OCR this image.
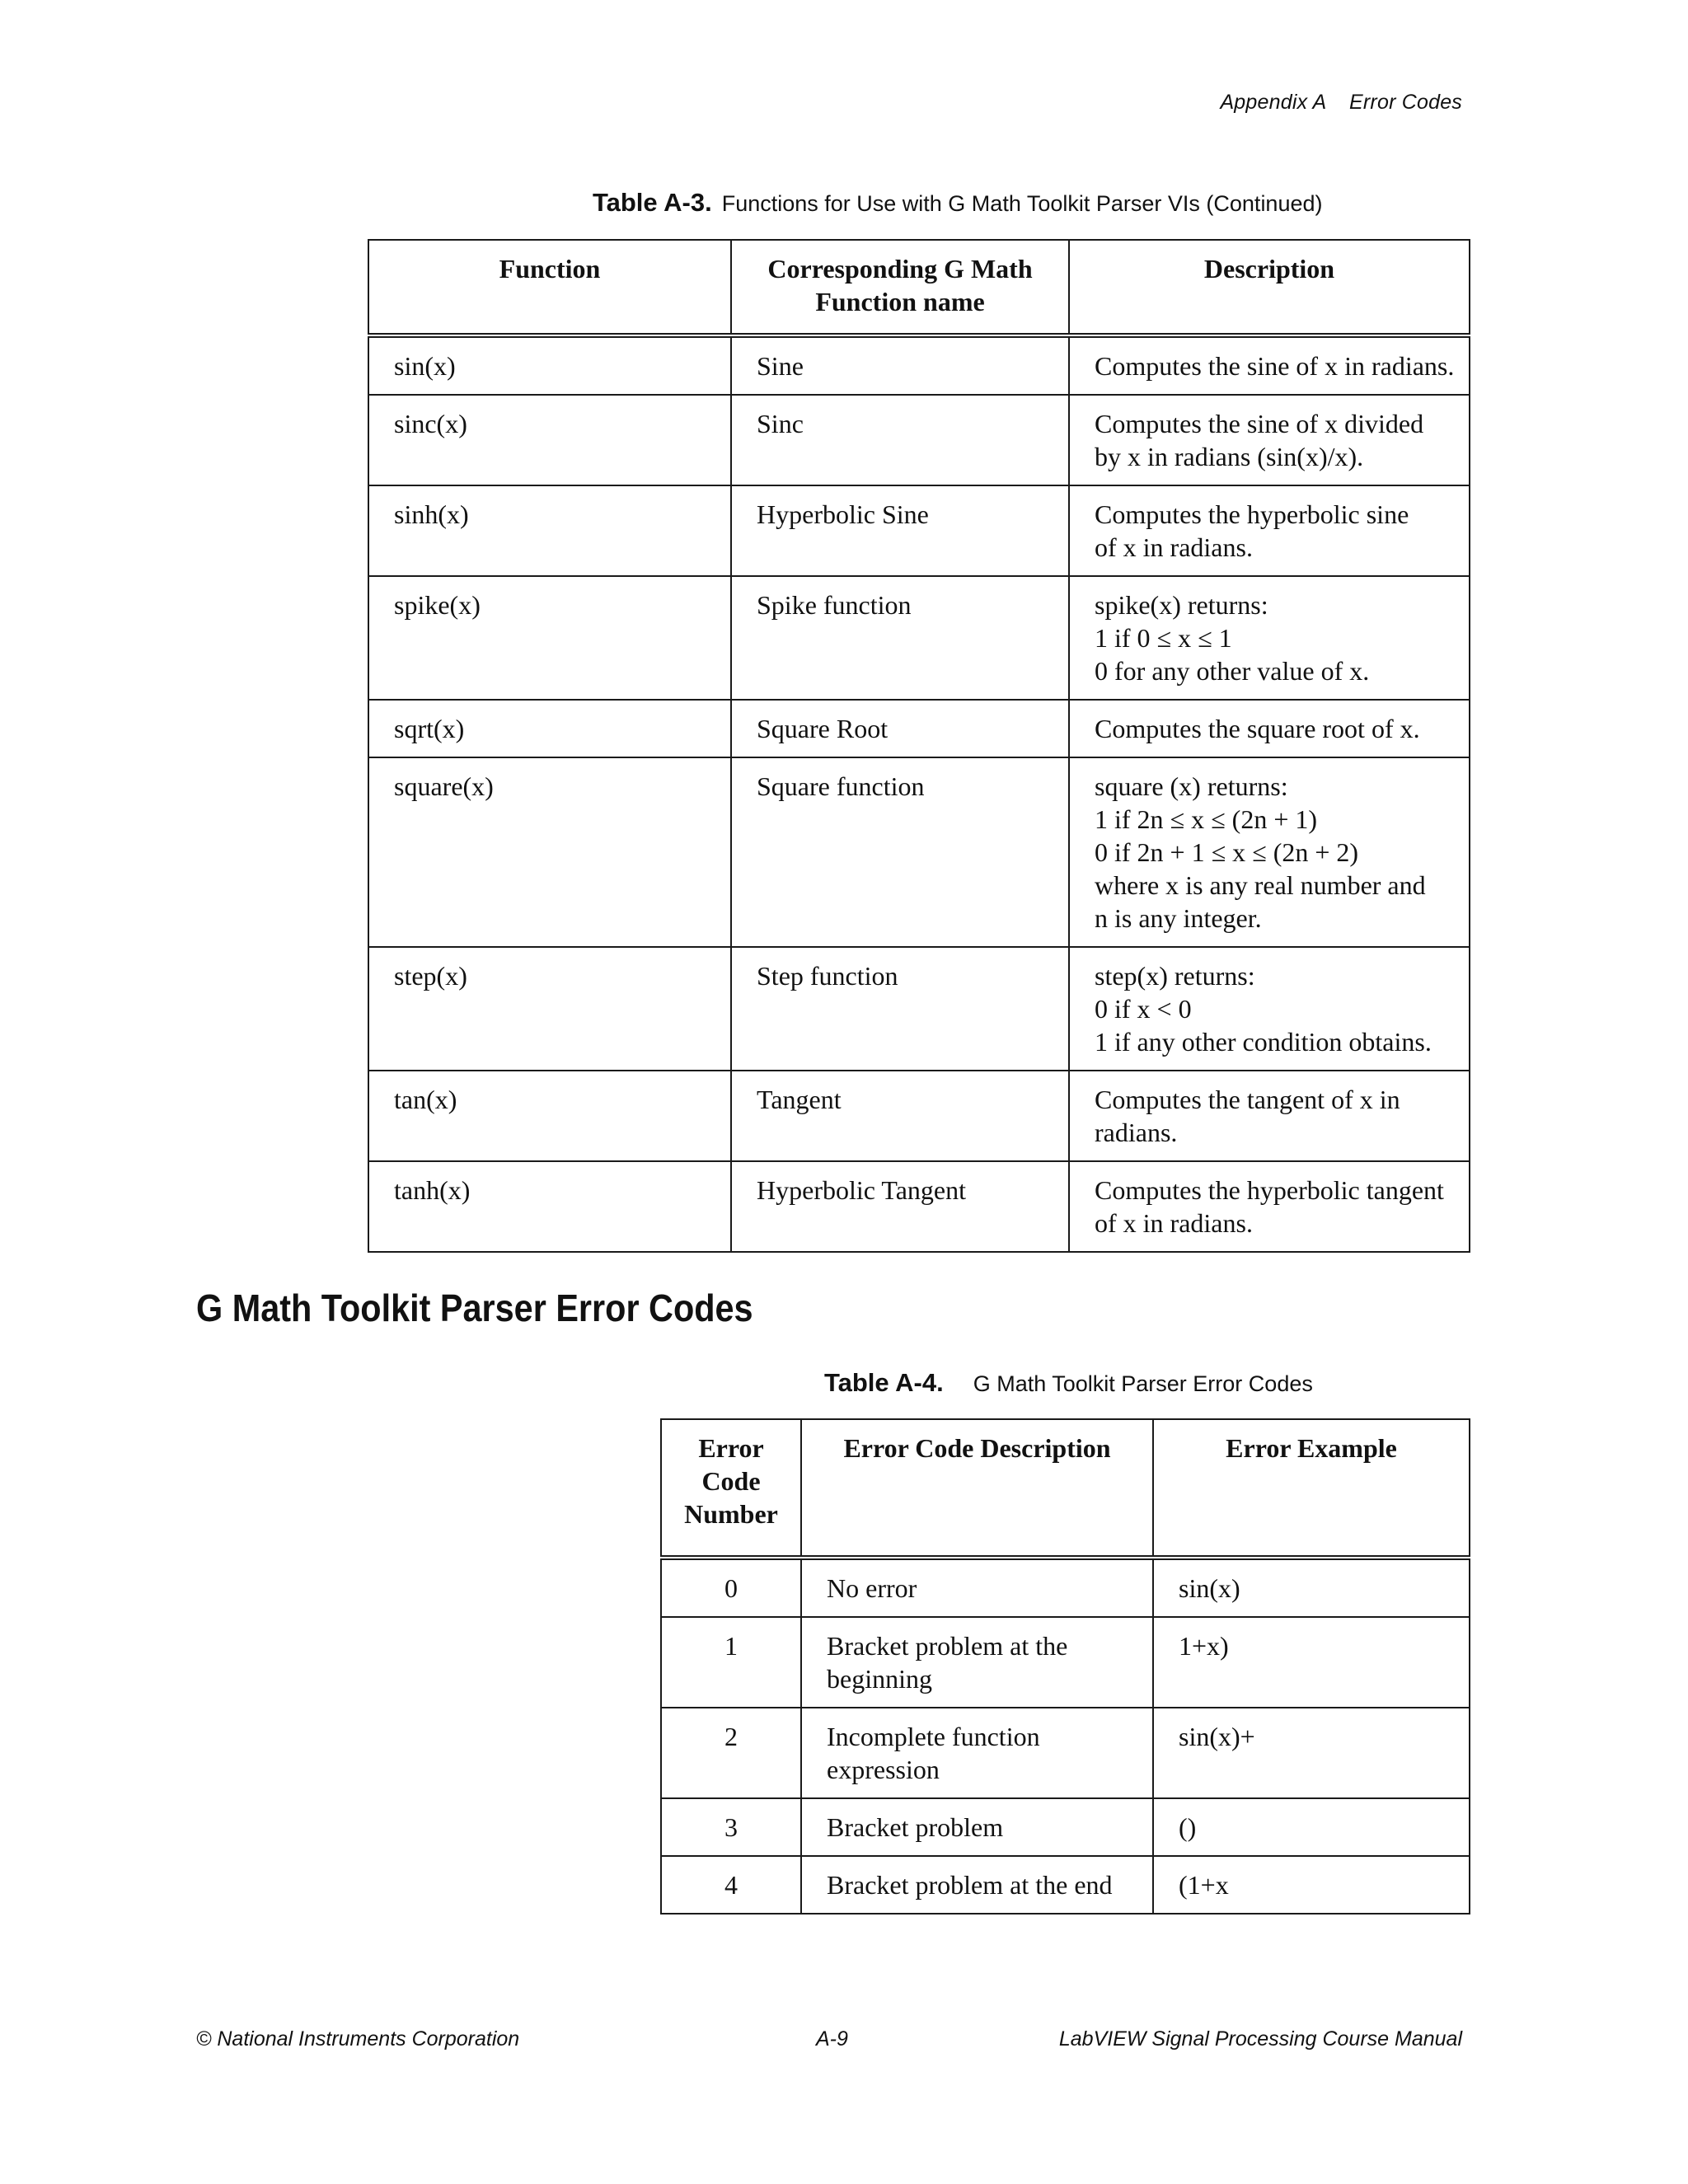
Appendix A    Error Codes
Table A-3. Functions for Use with G Math Toolkit Parser VIs (Continued)
Function	Corresponding G Math Function name	Description
sin(x)	Sine	Computes the sine of x in radians.

sinc(x)	Sinc	Computes the sine of x divided
by x in radians (sin(x)/x).

sinh(x)	Hyperbolic Sine	Computes the hyperbolic sine
of x in radians.

spike(x)	Spike function	spike(x) returns:
1 if 0 ≤ x ≤ 1
0 for any other value of x.

sqrt(x)	Square Root	Computes the square root of x.

square(x)	Square function	square (x) returns:
1 if 2n ≤ x ≤ (2n + 1)
0 if 2n + 1 ≤ x ≤ (2n + 2)
where x is any real number and
n is any integer.

step(x)	Step function	step(x) returns:
0 if x < 0
1 if any other condition obtains.

tan(x)	Tangent	Computes the tangent of x in
radians.

tanh(x)	Hyperbolic Tangent	Computes the hyperbolic tangent
of x in radians.
G Math Toolkit Parser Error Codes
Table A-4. G Math Toolkit Parser Error Codes
Error Code Number	Error Code Description	Error Example
0	No error	sin(x)
1	Bracket problem at the beginning	1+x)
2	Incomplete function expression	sin(x)+
3	Bracket problem	()
4	Bracket problem at the end	(1+x
© National Instruments Corporation	A-9	LabVIEW Signal Processing Course Manual
